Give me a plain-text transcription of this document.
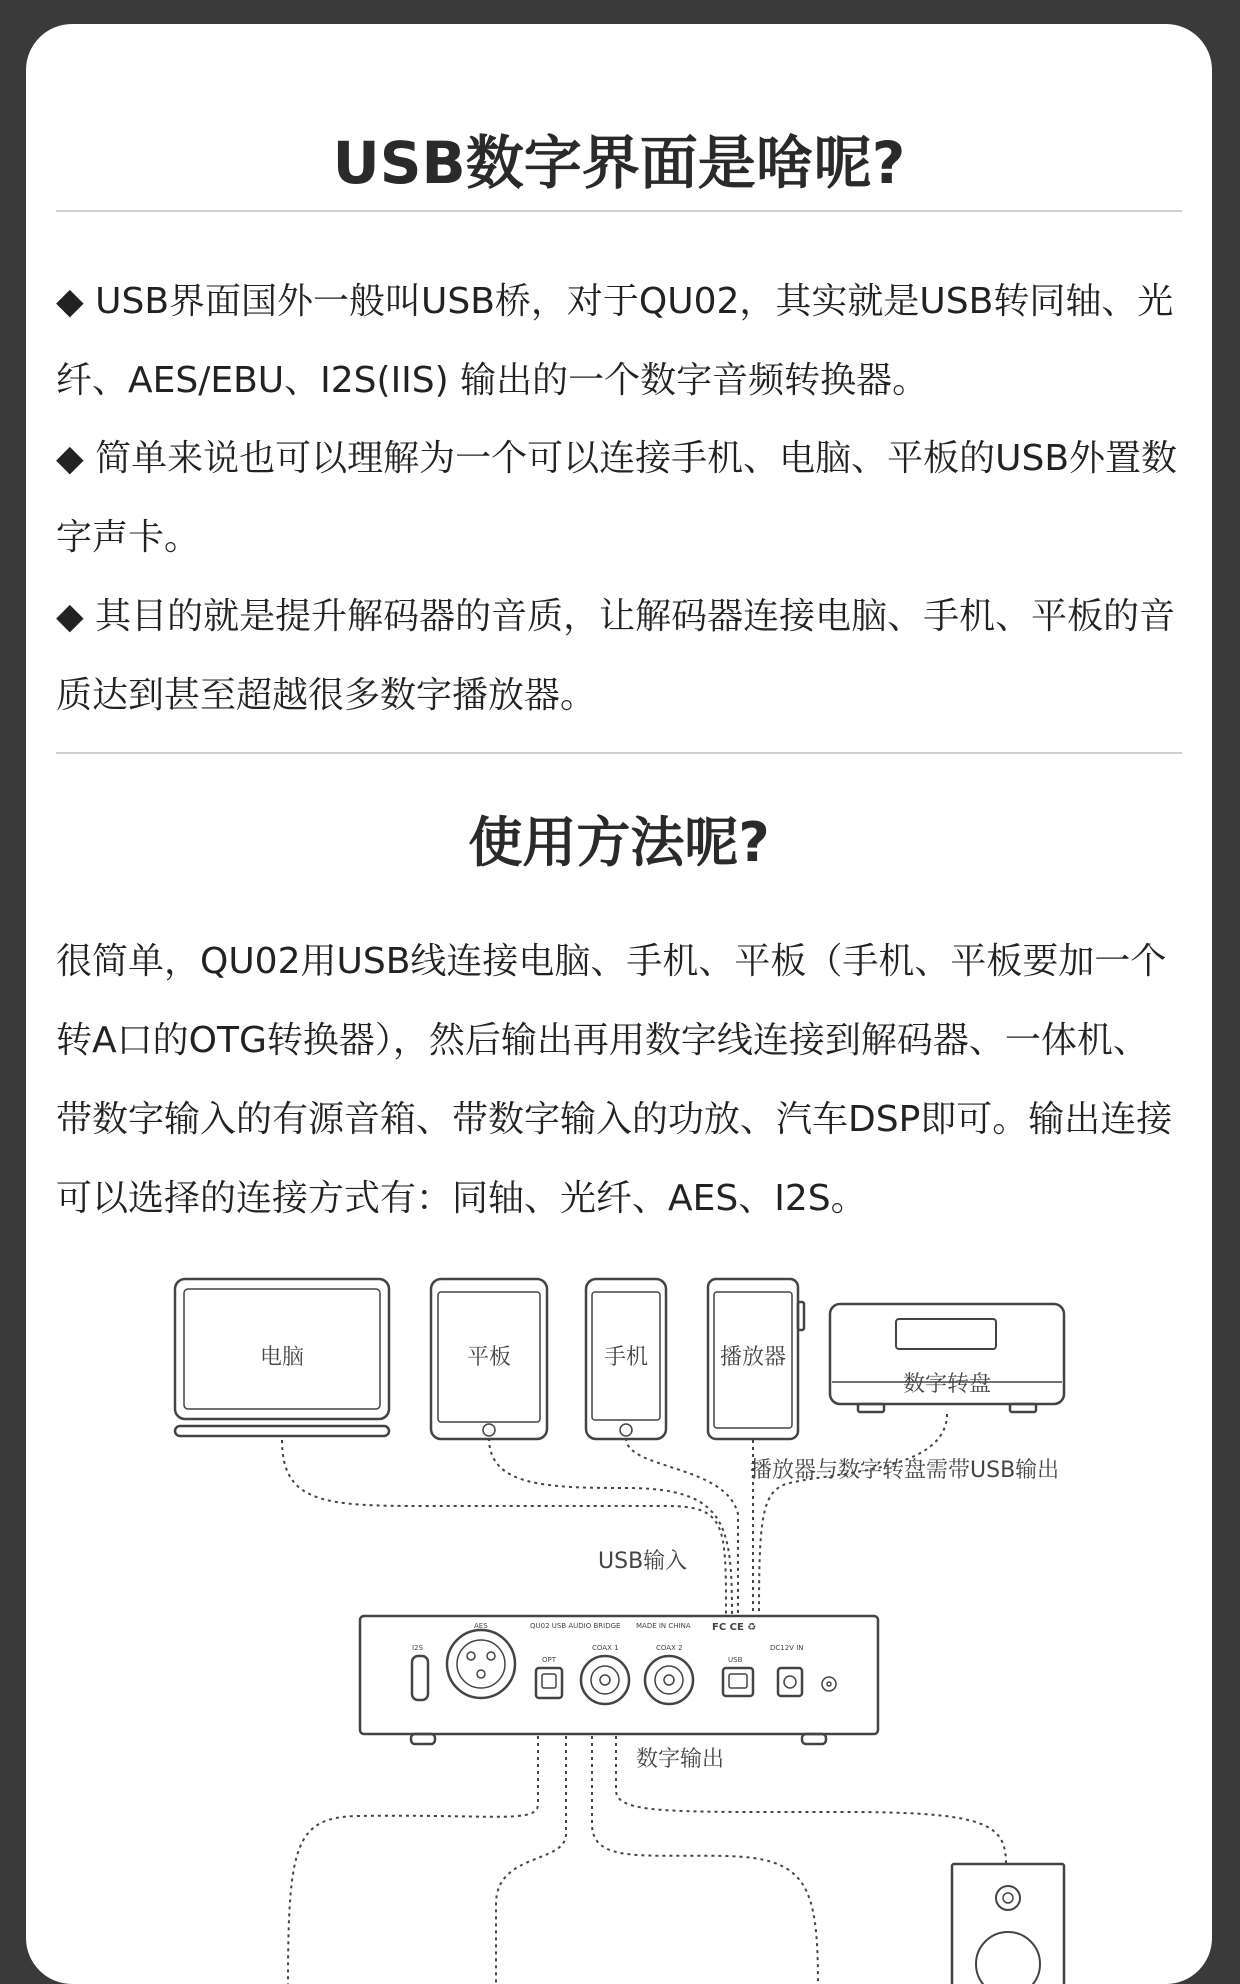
USB数字界面是啥呢?

◆ USB界面国外一般叫USB桥，对于QU02，其实就是USB转同轴、光纤、AES/EBU、I2S(IIS) 输出的一个数字音频转换器。

◆ 简单来说也可以理解为一个可以连接手机、电脑、平板的USB外置数字声卡。

◆ 其目的就是提升解码器的音质，让解码器连接电脑、手机、平板的音质达到甚至超越很多数字播放器。

使用方法呢?

很简单，QU02用USB线连接电脑、手机、平板（手机、平板要加一个转A口的OTG转换器），然后输出再用数字线连接到解码器、一体机、带数字输入的有源音箱、带数字输入的功放、汽车DSP即可。输出连接可以选择的连接方式有：同轴、光纤、AES、I2S。

I2S
AES	QU02 USB AUDIO BRIDGE MADE IN CHINA FC CE ♻
OPT
COAX 1	COAX 2
USB
DC12V IN
电脑	平板	手机	播放器
数字转盘
播放器与数字转盘需带USB输出
USB输入
数字输出
